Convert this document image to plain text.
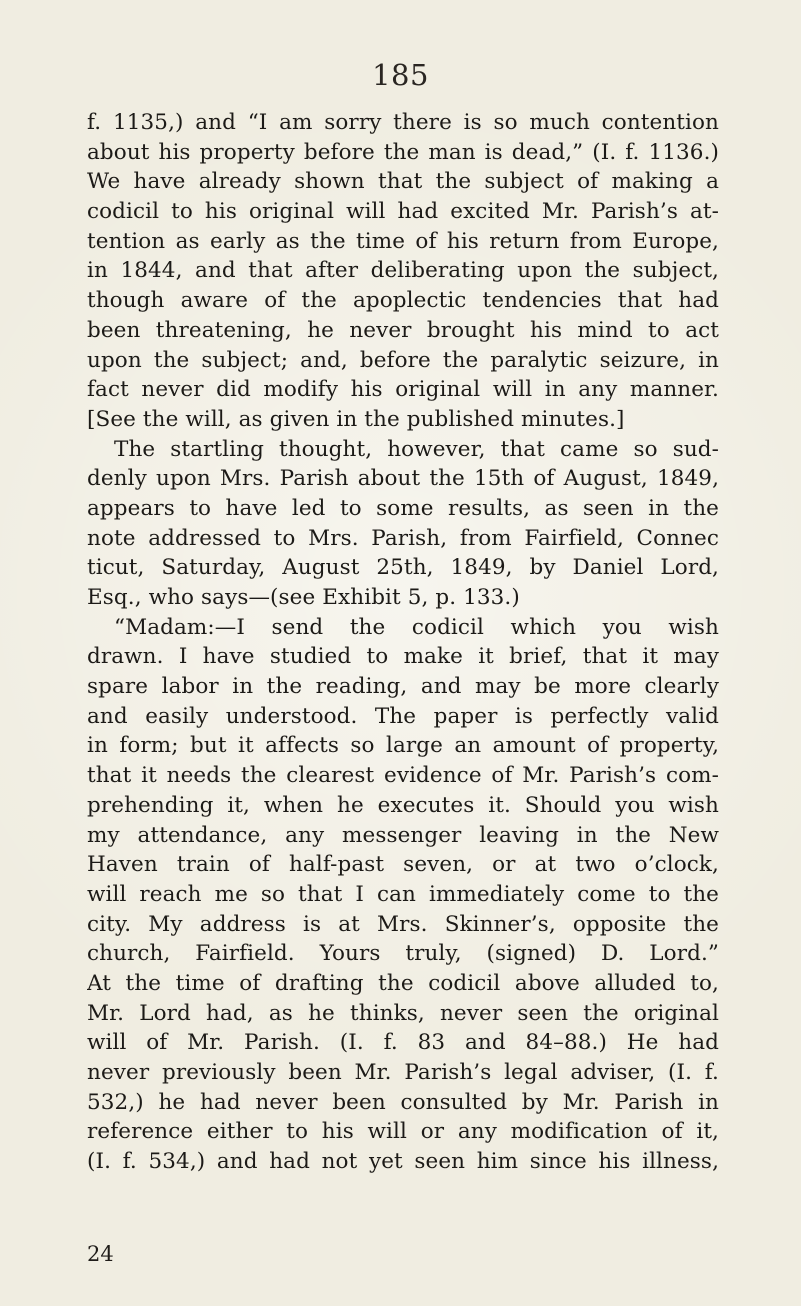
185
f. 1135,) and “I am sorry there is so much contention
about his property before the man is dead,” (I. f. 1136.)
We have already shown that the subject of making a
codicil to his original will had excited Mr. Parish’s at-
tention as early as the time of his return from Europe,
in 1844, and that after deliberating upon the subject,
though aware of the apoplectic tendencies that had
been threatening, he never brought his mind to act
upon the subject; and, before the paralytic seizure, in
fact never did modify his original will in any manner.
[See the will, as given in the published minutes.]
The startling thought, however, that came so sud-
denly upon Mrs. Parish about the 15th of August, 1849,
appears to have led to some results, as seen in the
note addressed to Mrs. Parish, from Fairfield, Connec
ticut, Saturday, August 25th, 1849, by Daniel Lord,
Esq., who says—(see Exhibit 5, p. 133.)
“Madam:—I send the codicil which you wish
drawn. I have studied to make it brief, that it may
spare labor in the reading, and may be more clearly
and easily understood. The paper is perfectly valid
in form; but it affects so large an amount of property,
that it needs the clearest evidence of Mr. Parish’s com-
prehending it, when he executes it. Should you wish
my attendance, any messenger leaving in the New
Haven train of half-past seven, or at two o’clock,
will reach me so that I can immediately come to the
city. My address is at Mrs. Skinner’s, opposite the
church, Fairfield. Yours truly, (signed) D. Lord.”
At the time of drafting the codicil above alluded to,
Mr. Lord had, as he thinks, never seen the original
will of Mr. Parish. (I. f. 83 and 84–88.) He had
never previously been Mr. Parish’s legal adviser, (I. f.
532,) he had never been consulted by Mr. Parish in
reference either to his will or any modification of it,
(I. f. 534,) and had not yet seen him since his illness,
24
